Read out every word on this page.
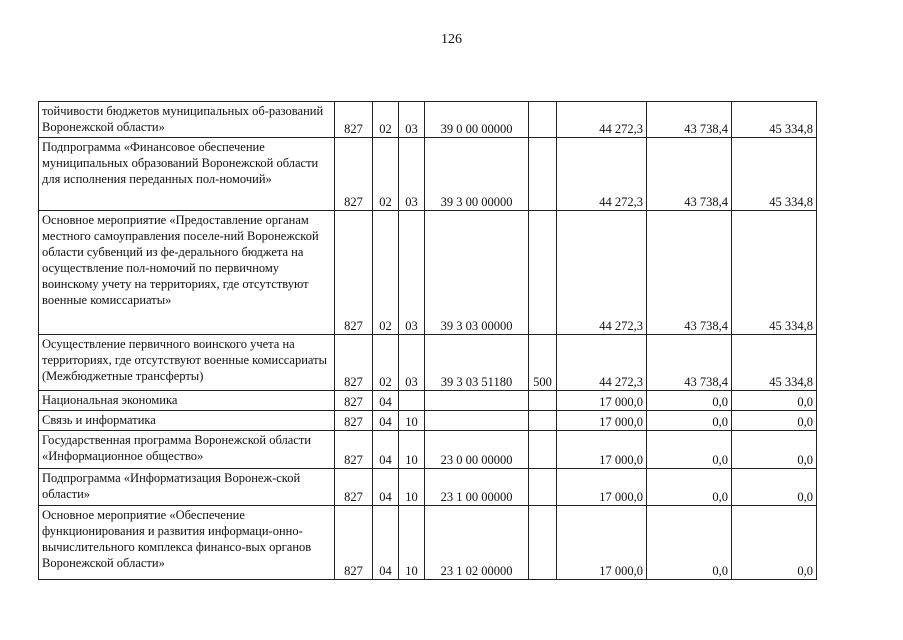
126
тойчивости бюджетов муниципальных об-разований Воронежской области»	827	02	03	39 0 00 00000		44 272,3	43 738,4	45 334,8
Подпрограмма «Финансовое обеспечение муниципальных образований Воронежской области для исполнения переданных пол-номочий»	827	02	03	39 3 00 00000		44 272,3	43 738,4	45 334,8
Основное мероприятие «Предоставление органам местного самоуправления поселе-ний Воронежской области субвенций из фе-дерального бюджета на осуществление пол-номочий по первичному воинскому учету на территориях, где отсутствуют военные комиссариаты»	827	02	03	39 3 03 00000		44 272,3	43 738,4	45 334,8
Осуществление первичного воинского учета на территориях, где отсутствуют военные комиссариаты (Межбюджетные трансферты)	827	02	03	39 3 03 51180	500	44 272,3	43 738,4	45 334,8
Национальная экономика	827	04				17 000,0	0,0	0,0
Связь и информатика	827	04	10			17 000,0	0,0	0,0
Государственная программа Воронежской области «Информационное общество»	827	04	10	23 0 00 00000		17 000,0	0,0	0,0
Подпрограмма «Информатизация Воронеж-ской области»	827	04	10	23 1 00 00000		17 000,0	0,0	0,0
Основное мероприятие «Обеспечение функционирования и развития информаци-онно-вычислительного комплекса финансо-вых органов Воронежской области»	827	04	10	23 1 02 00000		17 000,0	0,0	0,0
